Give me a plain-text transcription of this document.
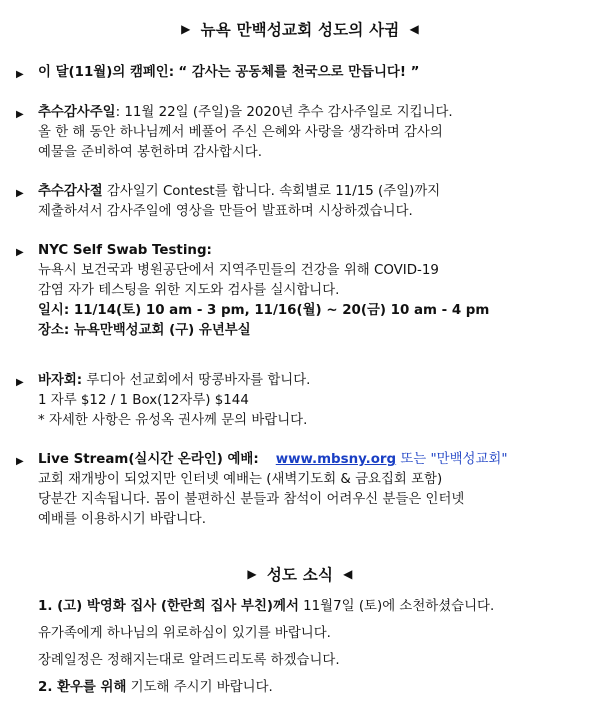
▶ 뉴욕 만백성교회 성도의 사귐 ◀
▶ 이 달(11월)의 캠페인: “ 감사는 공동체를 천국으로 만듭니다! ”
▶ 추수감사주일: 11월 22일 (주일)을 2020년 추수 감사주일로 지킵니다.
올 한 해 동안 하나님께서 베풀어 주신 은혜와 사랑을 생각하며 감사의
예물을 준비하여 봉헌하며 감사합시다.
▶ 추수감사절 감사일기 Contest를 합니다. 속회별로 11/15 (주일)까지
제출하셔서 감사주일에 영상을 만들어 발표하며 시상하겠습니다.
▶ NYC Self Swab Testing:
뉴욕시 보건국과 병원공단에서 지역주민들의 건강을 위해 COVID-19
감염 자가 테스팅을 위한 지도와 검사를 실시합니다.
일시: 11/14(토) 10 am - 3 pm, 11/16(월) ~ 20(금) 10 am - 4 pm
장소: 뉴욕만백성교회 (구) 유년부실
▶ 바자회: 루디아 선교회에서 땅콩바자를 합니다.
1 자루 $12 / 1 Box(12자루) $144
* 자세한 사항은 유성옥 권사께 문의 바랍니다.
▶ Live Stream(실시간 온라인) 예배: www.mbsny.org 또는 "만백성교회"
교회 재개방이 되었지만 인터넷 예배는 (새벽기도회 & 금요집회 포함)
당분간 지속됩니다. 몸이 불편하신 분들과 참석이 어려우신 분들은 인터넷
예배를 이용하시기 바랍니다.
▶ 성도 소식 ◀
1. (고) 박영화 집사 (한란희 집사 부친)께서 11월7일 (토)에 소천하셨습니다.
유가족에게 하나님의 위로하심이 있기를 바랍니다.
장례일정은 정해지는대로 알려드리도록 하겠습니다.
2. 환우를 위해 기도해 주시기 바랍니다.
